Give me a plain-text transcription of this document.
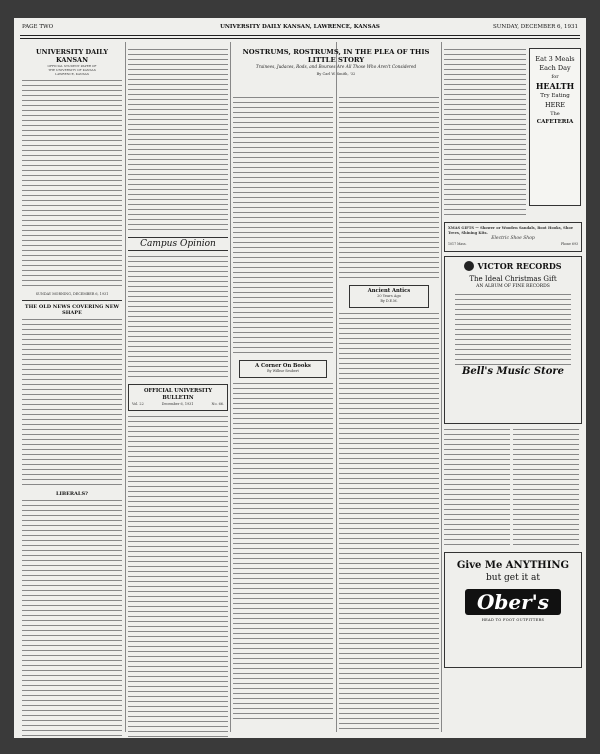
PAGE TWO	UNIVERSITY DAILY KANSAN, LAWRENCE, KANSAS	SUNDAY, DECEMBER 6, 1931
UNIVERSITY DAILY KANSAN
OFFICIAL STUDENT PAPER OF
THE UNIVERSITY OF KANSAS
LAWRENCE, KANSAS
SUNDAY MORNING, DECEMBER 6, 1931
THE OLD NEWS COVERING NEW SHAPE
LIBERALS?
Campus Opinion
OFFICIAL UNIVERSITY BULLETIN
Vol. 22	December 6, 1931	No. 66.
NOSTRUMS, ROSTRUMS, IN THE PLEA OF THIS LITTLE STORY
Trainees, Judaces, Rods, and Bourses Are All Those Who Aren't Considered
By Carl W. Smith, '32
A Corner On Books
By Wilbur Seubert
Ancient Antics
20 Years Ago
By D.E.M.
Eat 3 Meals
Each Day
for
HEALTH
Try Eating
HERE
The
CAFETERIA
XMAS GIFTS — Shower or Wooden Sandals, Boot Hooks, Shoe Trees, Shining Kits.
Electric Shoe Shop
1017 Mass.	Phone 693
VICTOR RECORDS
The Ideal Christmas Gift
AN ALBUM OF FINE RECORDS
Bell's Music Store
Give Me ANYTHING
but get it at
Ober's
HEAD TO FOOT OUTFITTERS
